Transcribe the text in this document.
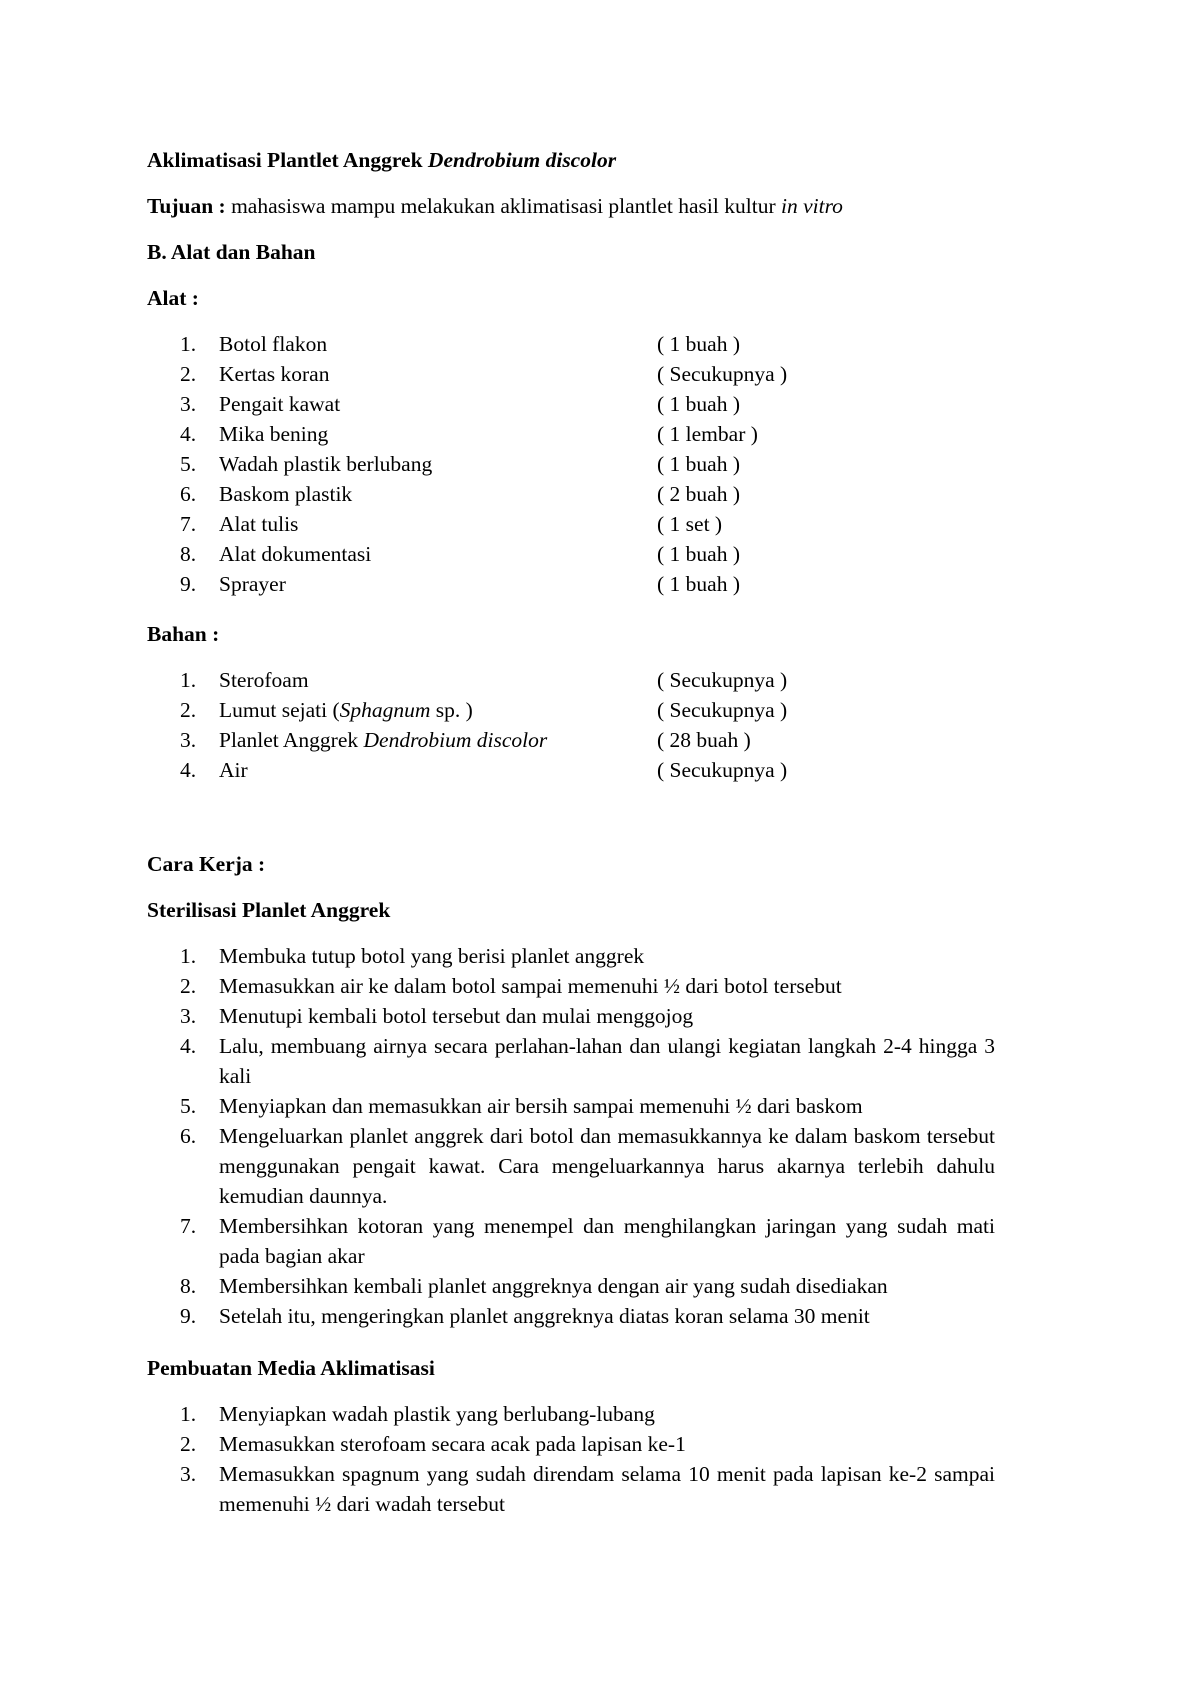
Aklimatisasi Plantlet Anggrek Dendrobium discolor
Tujuan : mahasiswa mampu melakukan aklimatisasi plantlet hasil kultur in vitro
B. Alat dan Bahan
Alat :
1. Botol flakon	( 1 buah )
2. Kertas koran	( Secukupnya )
3. Pengait kawat	( 1 buah )
4. Mika bening	( 1 lembar )
5. Wadah plastik berlubang	( 1 buah )
6. Baskom plastik	( 2 buah )
7. Alat tulis	( 1 set )
8. Alat dokumentasi	( 1 buah )
9. Sprayer	( 1 buah )
Bahan :
1. Sterofoam	( Secukupnya )
2. Lumut sejati (Sphagnum sp. )	( Secukupnya )
3. Planlet Anggrek Dendrobium discolor	( 28 buah )
4. Air	( Secukupnya )
Cara Kerja :
Sterilisasi Planlet Anggrek
1. Membuka tutup botol yang berisi planlet anggrek
2. Memasukkan air ke dalam botol sampai memenuhi ½ dari botol tersebut
3. Menutupi kembali botol tersebut dan mulai menggojog
4. Lalu, membuang airnya secara perlahan-lahan dan ulangi kegiatan langkah 2-4 hingga 3 kali
5. Menyiapkan dan memasukkan air bersih sampai memenuhi ½ dari baskom
6. Mengeluarkan planlet anggrek dari botol dan memasukkannya ke dalam baskom tersebut menggunakan pengait kawat. Cara mengeluarkannya harus akarnya terlebih dahulu kemudian daunnya.
7. Membersihkan kotoran yang menempel dan menghilangkan jaringan yang sudah mati pada bagian akar
8. Membersihkan kembali planlet anggreknya dengan air yang sudah disediakan
9. Setelah itu, mengeringkan planlet anggreknya diatas koran selama 30 menit
Pembuatan Media Aklimatisasi
1. Menyiapkan wadah plastik yang berlubang-lubang
2. Memasukkan sterofoam secara acak pada lapisan ke-1
3. Memasukkan spagnum yang sudah direndam selama 10 menit pada lapisan ke-2 sampai memenuhi ½ dari wadah tersebut
